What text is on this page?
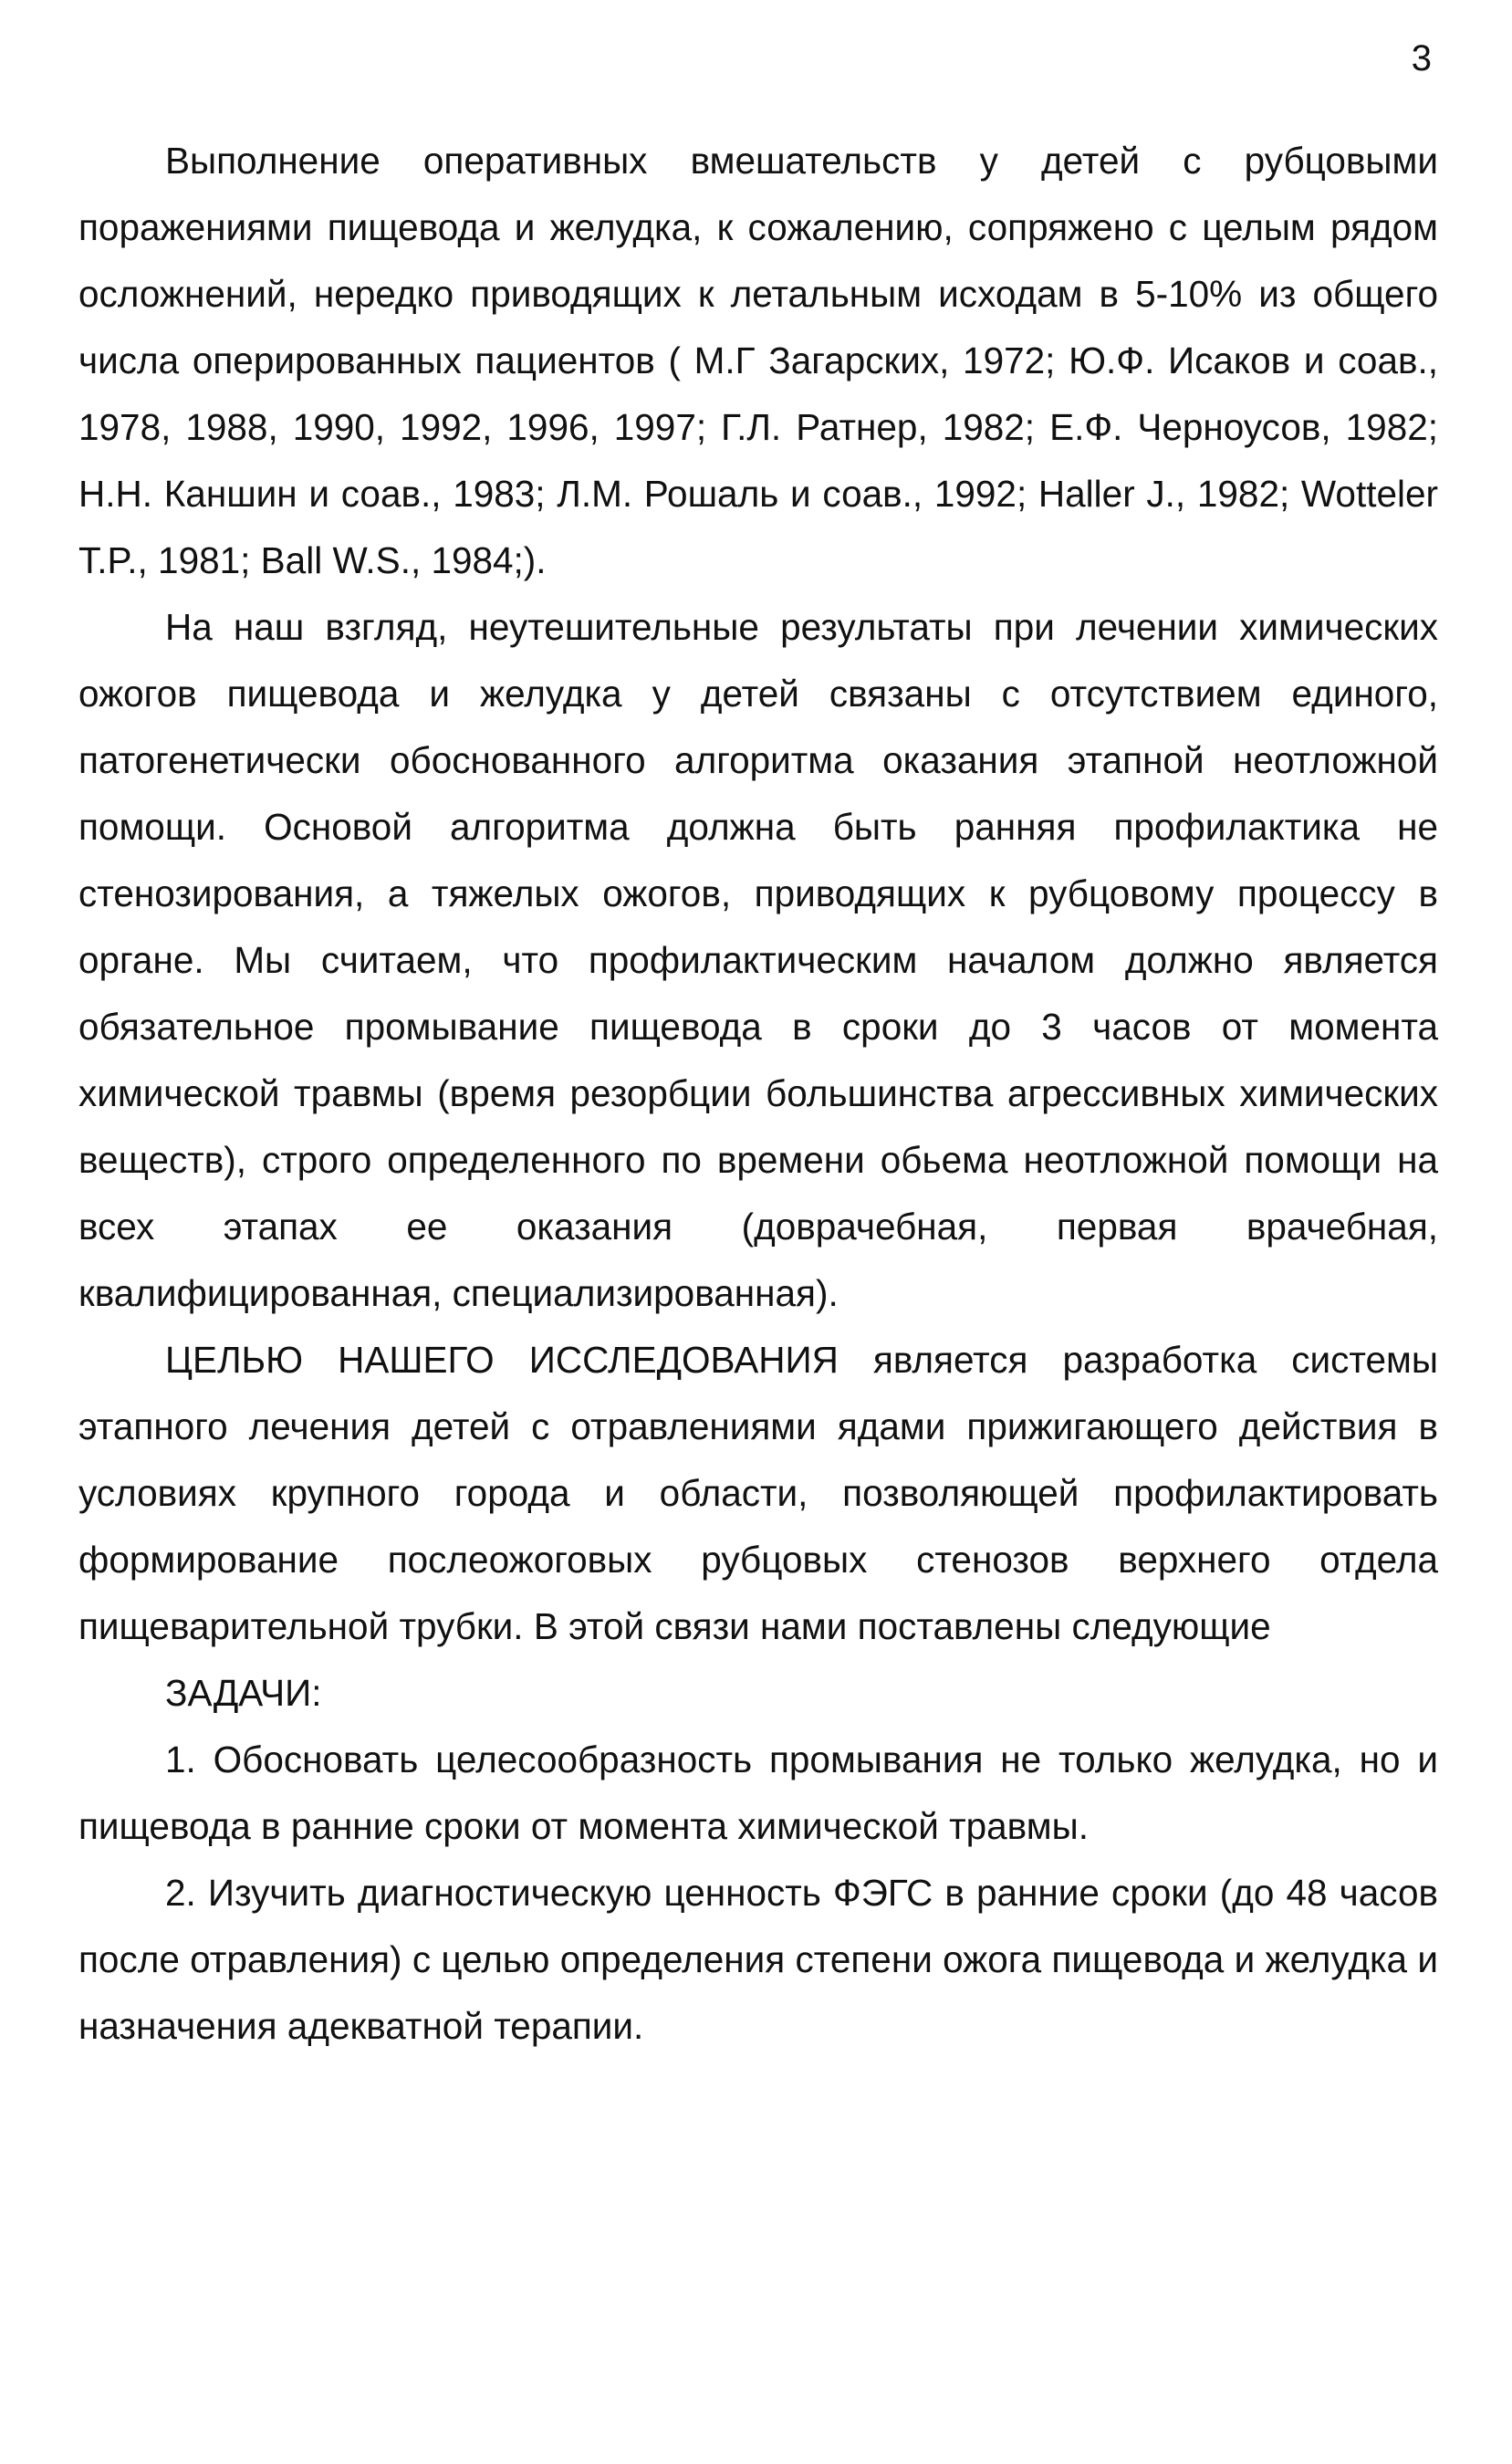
3

Выполнение оперативных вмешательств у детей с рубцовыми поражениями пищевода и желудка, к сожалению, сопряжено с целым рядом осложнений, нередко приводящих к летальным исходам в 5-10% из общего числа оперированных пациентов ( М.Г Загарских, 1972; Ю.Ф. Исаков и соав., 1978, 1988, 1990, 1992, 1996, 1997; Г.Л. Ратнер, 1982; Е.Ф. Черноусов, 1982; Н.Н. Каншин и соав., 1983; Л.М. Рошаль и соав., 1992; Haller J., 1982; Wotteler T.P., 1981; Ball W.S., 1984;).

На наш взгляд, неутешительные результаты при лечении химических ожогов пищевода и желудка у детей связаны с отсутствием единого, патогенетически обоснованного алгоритма оказания этапной неотложной помощи. Основой алгоритма должна быть ранняя профилактика не стенозирования, а тяжелых ожогов, приводящих к рубцовому процессу в органе. Мы считаем, что профилактическим началом должно является обязательное промывание пищевода в сроки до 3 часов от момента химической травмы (время резорбции большинства агрессивных химических веществ), строго определенного по времени обьема неотложной помощи на всех этапах ее оказания (доврачебная, первая врачебная, квалифицированная, специализированная).

ЦЕЛЬЮ НАШЕГО ИССЛЕДОВАНИЯ является разработка системы этапного лечения детей с отравлениями ядами прижигающего действия в условиях крупного города и области, позволяющей профилактировать формирование послеожоговых рубцовых стенозов верхнего отдела пищеварительной трубки. В этой связи нами поставлены следующие

ЗАДАЧИ:

1. Обосновать целесообразность промывания не только желудка, но и пищевода в ранние сроки от момента химической травмы.

2. Изучить диагностическую ценность ФЭГС в ранние сроки (до 48 часов после отравления) с целью определения степени ожога пищевода и желудка и назначения адекватной терапии.
